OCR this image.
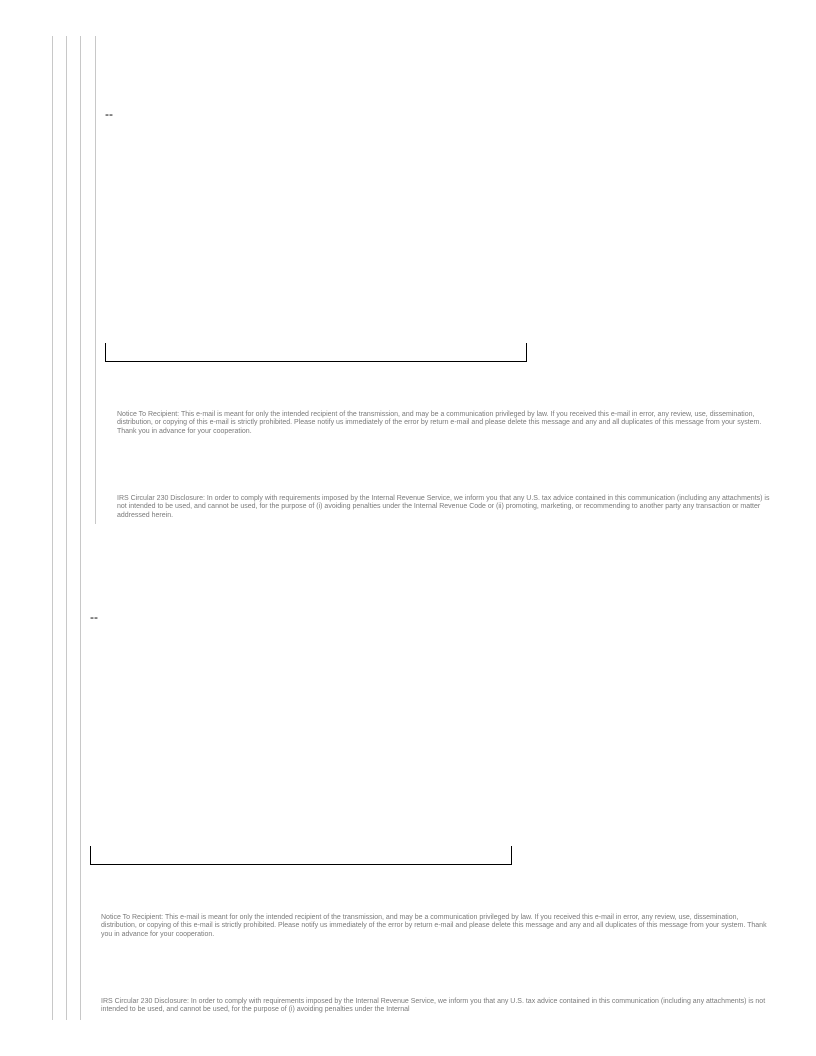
--

Notice To Recipient: This e-mail is meant for only the intended recipient of the transmission, and may be a communication privileged by law. If you received this e-mail in error, any review, use, dissemination, distribution, or copying of this e-mail is strictly prohibited. Please notify us immediately of the error by return e-mail and please delete this message and any and all duplicates of this message from your system. Thank you in advance for your cooperation.

IRS Circular 230 Disclosure: In order to comply with requirements imposed by the Internal Revenue Service, we inform you that any U.S. tax advice contained in this communication (including any attachments) is not intended to be used, and cannot be used, for the purpose of (i) avoiding penalties under the Internal Revenue Code or (ii) promoting, marketing, or recommending to another party any transaction or matter addressed herein.

--

Notice To Recipient: This e-mail is meant for only the intended recipient of the transmission, and may be a communication privileged by law. If you received this e-mail in error, any review, use, dissemination, distribution, or copying of this e-mail is strictly prohibited. Please notify us immediately of the error by return e-mail and please delete this message and any and all duplicates of this message from your system. Thank you in advance for your cooperation.

IRS Circular 230 Disclosure: In order to comply with requirements imposed by the Internal Revenue Service, we inform you that any U.S. tax advice contained in this communication (including any attachments) is not intended to be used, and cannot be used, for the purpose of (i) avoiding penalties under the Internal
